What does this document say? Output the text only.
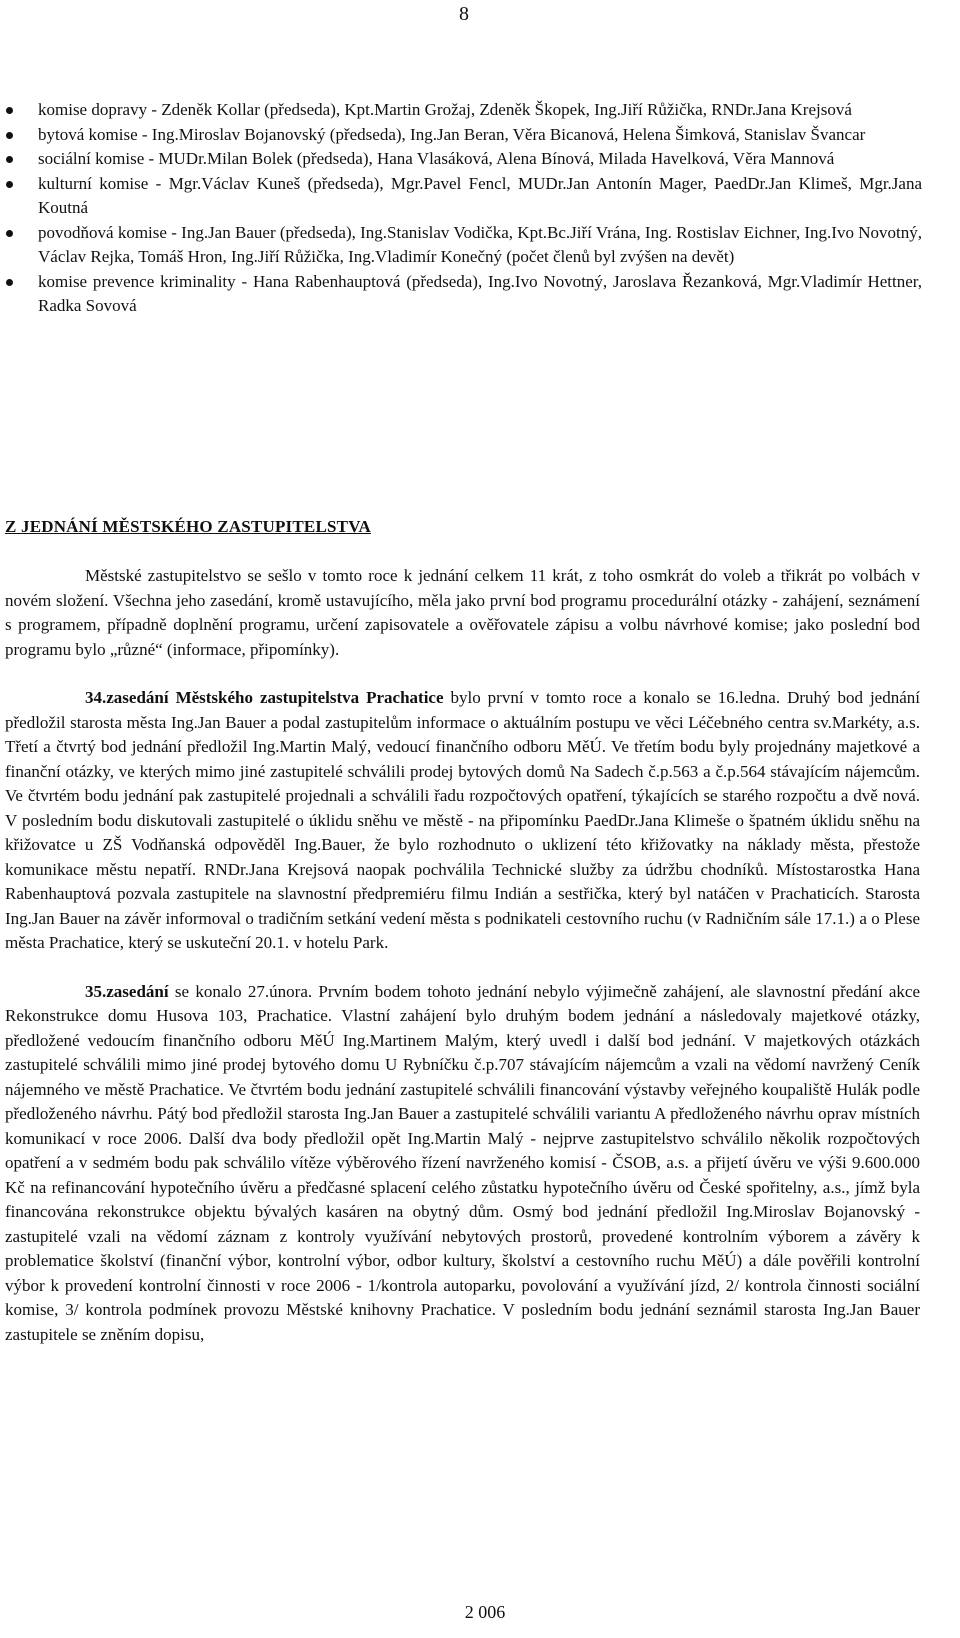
8
komise dopravy - Zdeněk Kollar (předseda), Kpt.Martin Grožaj, Zdeněk Škopek, Ing.Jiří Růžička, RNDr.Jana Krejsová
bytová komise - Ing.Miroslav Bojanovský (předseda), Ing.Jan Beran, Věra Bicanová, Helena Šimková, Stanislav Švancar
sociální komise - MUDr.Milan Bolek (předseda), Hana Vlasáková, Alena Bínová, Milada Havelková, Věra Mannová
kulturní komise - Mgr.Václav Kuneš (předseda), Mgr.Pavel Fencl, MUDr.Jan Antonín Mager, PaedDr.Jan Klimeš, Mgr.Jana Koutná
povodňová komise - Ing.Jan Bauer (předseda), Ing.Stanislav Vodička, Kpt.Bc.Jiří Vrána, Ing. Rostislav Eichner, Ing.Ivo Novotný, Václav Rejka, Tomáš Hron, Ing.Jiří Růžička, Ing.Vladimír Konečný (počet členů byl zvýšen na devět)
komise prevence kriminality - Hana Rabenhauptová (předseda), Ing.Ivo Novotný, Jaroslava Řezanková, Mgr.Vladimír Hettner, Radka Sovová
Z JEDNÁNÍ MĚSTSKÉHO ZASTUPITELSTVA

Městské zastupitelstvo se sešlo v tomto roce k jednání celkem 11 krát, z toho osmkrát do voleb a třikrát po volbách v novém složení. Všechna jeho zasedání, kromě ustavujícího, měla jako první bod programu procedurální otázky - zahájení, seznámení s programem, případně doplnění programu, určení zapisovatele a ověřovatele zápisu a volbu návrhové komise; jako poslední bod programu bylo „různé“ (informace, připomínky).

34.zasedání Městského zastupitelstva Prachatice bylo první v tomto roce a konalo se 16.ledna. Druhý bod jednání předložil starosta města Ing.Jan Bauer a podal zastupitelům informace o aktuálním postupu ve věci Léčebného centra sv.Markéty, a.s. Třetí a čtvrtý bod jednání předložil Ing.Martin Malý, vedoucí finančního odboru MěÚ. Ve třetím bodu byly projednány majetkové a finanční otázky, ve kterých mimo jiné zastupitelé schválili prodej bytových domů Na Sadech č.p.563 a č.p.564 stávajícím nájemcům. Ve čtvrtém bodu jednání pak zastupitelé projednali a schválili řadu rozpočtových opatření, týkajících se starého rozpočtu a dvě nová. V posledním bodu diskutovali zastupitelé o úklidu sněhu ve městě - na připomínku PaedDr.Jana Klimeše o špatném úklidu sněhu na křižovatce u ZŠ Vodňanská odpověděl Ing.Bauer, že bylo rozhodnuto o uklizení této křižovatky na náklady města, přestože komunikace městu nepatří. RNDr.Jana Krejsová naopak pochválila Technické služby za údržbu chodníků. Místostarostka Hana Rabenhauptová pozvala zastupitele na slavnostní předpremiéru filmu Indián a sestřička, který byl natáčen v Prachaticích. Starosta Ing.Jan Bauer na závěr informoval o tradičním setkání vedení města s podnikateli cestovního ruchu (v Radničním sále 17.1.) a o Plese města Prachatice, který se uskuteční 20.1. v hotelu Park.

35.zasedání se konalo 27.února. Prvním bodem tohoto jednání nebylo výjimečně zahájení, ale slavnostní předání akce Rekonstrukce domu Husova 103, Prachatice. Vlastní zahájení bylo druhým bodem jednání a následovaly majetkové otázky, předložené vedoucím finančního odboru MěÚ Ing.Martinem Malým, který uvedl i další bod jednání. V majetkových otázkách zastupitelé schválili mimo jiné prodej bytového domu U Rybníčku č.p.707 stávajícím nájemcům a vzali na vědomí navržený Ceník nájemného ve městě Prachatice. Ve čtvrtém bodu jednání zastupitelé schválili financování výstavby veřejného koupaliště Hulák podle předloženého návrhu. Pátý bod předložil starosta Ing.Jan Bauer a zastupitelé schválili variantu A předloženého návrhu oprav místních komunikací v roce 2006. Další dva body předložil opět Ing.Martin Malý - nejprve zastupitelstvo schválilo několik rozpočtových opatření a v sedmém bodu pak schválilo vítěze výběrového řízení navrženého komisí - ČSOB, a.s. a přijetí úvěru ve výši 9.600.000 Kč na refinancování hypotečního úvěru a předčasné splacení celého zůstatku hypotečního úvěru od České spořitelny, a.s., jímž byla financována rekonstrukce objektu bývalých kasáren na obytný dům. Osmý bod jednání předložil Ing.Miroslav Bojanovský - zastupitelé vzali na vědomí záznam z kontroly využívání nebytových prostorů, provedené kontrolním výborem a závěry k problematice školství (finanční výbor, kontrolní výbor, odbor kultury, školství a cestovního ruchu MěÚ) a dále pověřili kontrolní výbor k provedení kontrolní činnosti v roce 2006 - 1/kontrola autoparku, povolování a využívání jízd, 2/ kontrola činnosti sociální komise, 3/ kontrola podmínek provozu Městské knihovny Prachatice. V posledním bodu jednání seznámil starosta Ing.Jan Bauer zastupitele se zněním dopisu,

2 006
